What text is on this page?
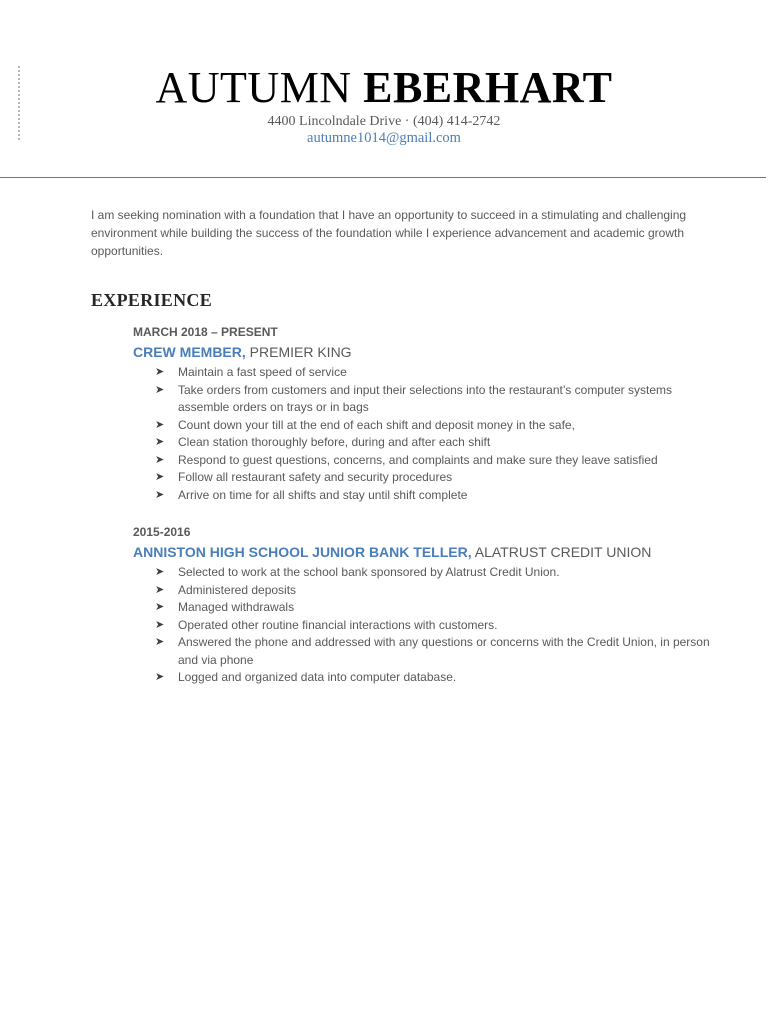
AUTUMN EBERHART
4400 Lincolndale Drive · (404) 414-2742
autumne1014@gmail.com
I am seeking nomination with a foundation that I have an opportunity to succeed in a stimulating and challenging environment while building the success of the foundation while I experience advancement and academic growth opportunities.
EXPERIENCE
MARCH 2018 – PRESENT
CREW MEMBER, PREMIER KING
➤ Maintain a fast speed of service
➤ Take orders from customers and input their selections into the restaurant’s computer systems assemble orders on trays or in bags
➤ Count down your till at the end of each shift and deposit money in the safe,
➤ Clean station thoroughly before, during and after each shift
➤ Respond to guest questions, concerns, and complaints and make sure they leave satisfied
➤ Follow all restaurant safety and security procedures
➤ Arrive on time for all shifts and stay until shift complete
2015-2016
ANNISTON HIGH SCHOOL JUNIOR BANK TELLER, ALATRUST CREDIT UNION
➤ Selected to work at the school bank sponsored by Alatrust Credit Union.
➤ Administered deposits
➤ Managed withdrawals
➤ Operated other routine financial interactions with customers.
➤ Answered the phone and addressed with any questions or concerns with the Credit Union, in person and via phone
➤ Logged and organized data into computer database.
